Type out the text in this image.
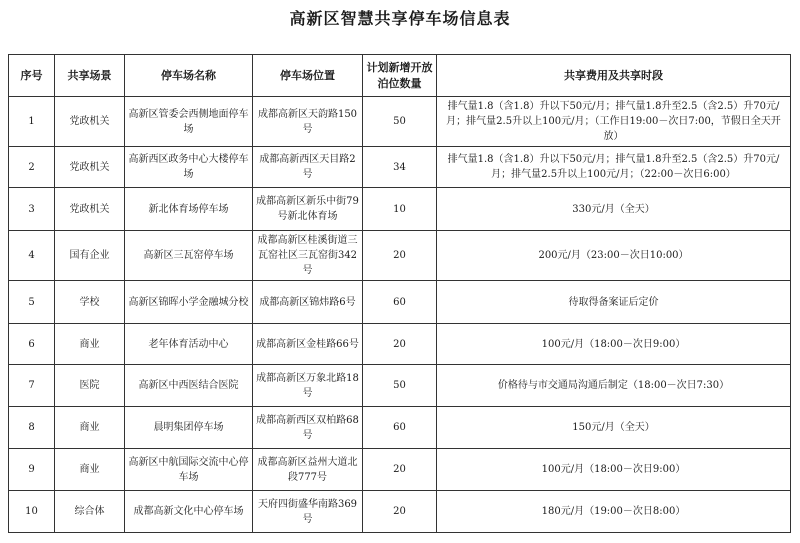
高新区智慧共享停车场信息表
序号	共享场景	停车场名称	停车场位置	计划新增开放泊位数量	共享费用及共享时段
1	党政机关	高新区管委会西侧地面停车场	成都高新区天韵路150号	50	排气量1.8（含1.8）升以下50元/月；排气量1.8升至2.5（含2.5）升70元/月；排气量2.5升以上100元/月；（工作日19:00－次日7:00，节假日全天开放）
2	党政机关	高新西区政务中心大楼停车场	成都高新西区天目路2号	34	排气量1.8（含1.8）升以下50元/月；排气量1.8升至2.5（含2.5）升70元/月；排气量2.5升以上100元/月；（22:00－次日6:00）
3	党政机关	新北体育场停车场	成都高新区新乐中街79号新北体育场	10	330元/月（全天）
4	国有企业	高新区三瓦窑停车场	成都高新区桂溪街道三瓦窑社区三瓦窑街342号	20	200元/月（23:00－次日10:00）
5	学校	高新区锦晖小学金融城分校	成都高新区锦炜路6号	60	待取得备案证后定价
6	商业	老年体育活动中心	成都高新区金桂路66号	20	100元/月（18:00－次日9:00）
7	医院	高新区中西医结合医院	成都高新区万象北路18号	50	价格待与市交通局沟通后制定（18:00－次日7:30）
8	商业	晨明集团停车场	成都高新西区双柏路68号	60	150元/月（全天）
9	商业	高新区中航国际交流中心停车场	成都高新区益州大道北段777号	20	100元/月（18:00－次日9:00）
10	综合体	成都高新文化中心停车场	天府四街盛华南路369号	20	180元/月（19:00－次日8:00）
